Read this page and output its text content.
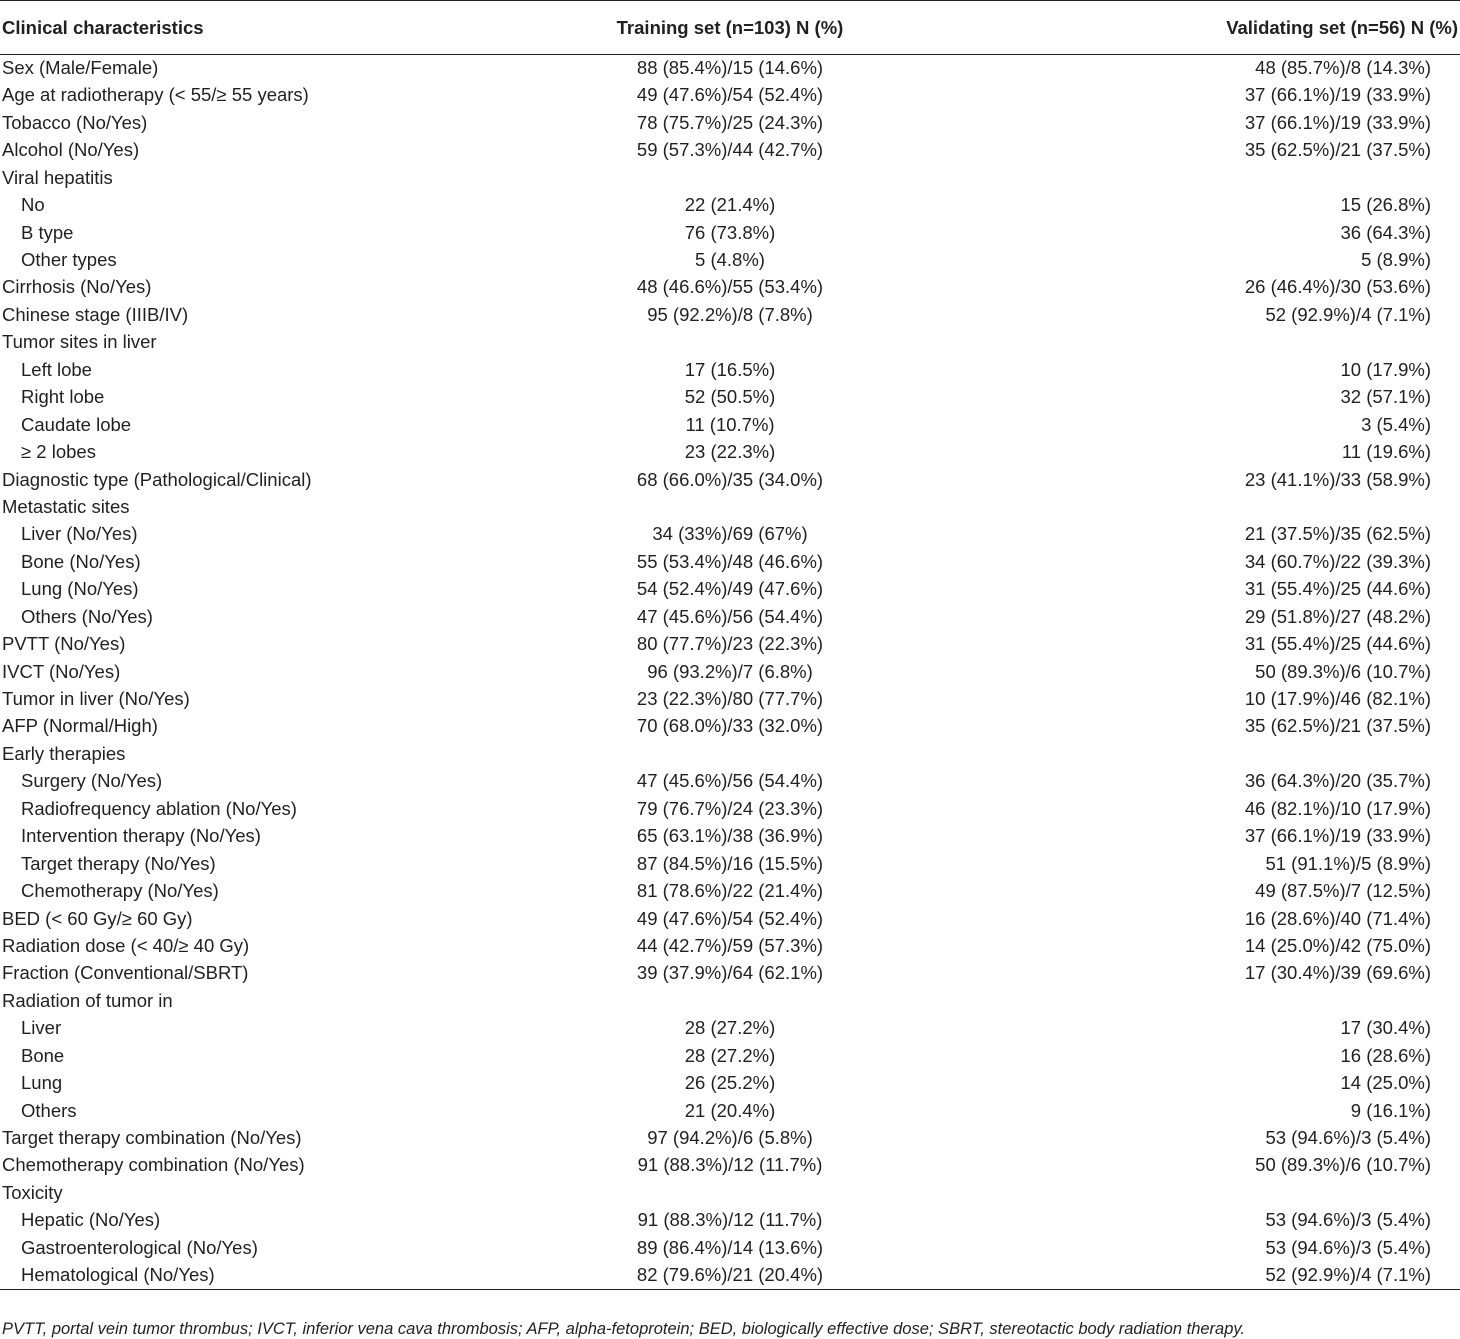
Clinical characteristics	Training set (n=103) N (%)	Validating set (n=56) N (%)
Sex (Male/Female)	88 (85.4%)/15 (14.6%)	48 (85.7%)/8 (14.3%)
Age at radiotherapy (< 55/≥ 55 years)	49 (47.6%)/54 (52.4%)	37 (66.1%)/19 (33.9%)
Tobacco (No/Yes)	78 (75.7%)/25 (24.3%)	37 (66.1%)/19 (33.9%)
Alcohol (No/Yes)	59 (57.3%)/44 (42.7%)	35 (62.5%)/21 (37.5%)
Viral hepatitis		
No	22 (21.4%)	15 (26.8%)
B type	76 (73.8%)	36 (64.3%)
Other types	5 (4.8%)	5 (8.9%)
Cirrhosis (No/Yes)	48 (46.6%)/55 (53.4%)	26 (46.4%)/30 (53.6%)
Chinese stage (IIIB/IV)	95 (92.2%)/8 (7.8%)	52 (92.9%)/4 (7.1%)
Tumor sites in liver		
Left lobe	17 (16.5%)	10 (17.9%)
Right lobe	52 (50.5%)	32 (57.1%)
Caudate lobe	11 (10.7%)	3 (5.4%)
≥ 2 lobes	23 (22.3%)	11 (19.6%)
Diagnostic type (Pathological/Clinical)	68 (66.0%)/35 (34.0%)	23 (41.1%)/33 (58.9%)
Metastatic sites		
Liver (No/Yes)	34 (33%)/69 (67%)	21 (37.5%)/35 (62.5%)
Bone (No/Yes)	55 (53.4%)/48 (46.6%)	34 (60.7%)/22 (39.3%)
Lung (No/Yes)	54 (52.4%)/49 (47.6%)	31 (55.4%)/25 (44.6%)
Others (No/Yes)	47 (45.6%)/56 (54.4%)	29 (51.8%)/27 (48.2%)
PVTT (No/Yes)	80 (77.7%)/23 (22.3%)	31 (55.4%)/25 (44.6%)
IVCT (No/Yes)	96 (93.2%)/7 (6.8%)	50 (89.3%)/6 (10.7%)
Tumor in liver (No/Yes)	23 (22.3%)/80 (77.7%)	10 (17.9%)/46 (82.1%)
AFP (Normal/High)	70 (68.0%)/33 (32.0%)	35 (62.5%)/21 (37.5%)
Early therapies		
Surgery (No/Yes)	47 (45.6%)/56 (54.4%)	36 (64.3%)/20 (35.7%)
Radiofrequency ablation (No/Yes)	79 (76.7%)/24 (23.3%)	46 (82.1%)/10 (17.9%)
Intervention therapy (No/Yes)	65 (63.1%)/38 (36.9%)	37 (66.1%)/19 (33.9%)
Target therapy (No/Yes)	87 (84.5%)/16 (15.5%)	51 (91.1%)/5 (8.9%)
Chemotherapy (No/Yes)	81 (78.6%)/22 (21.4%)	49 (87.5%)/7 (12.5%)
BED (< 60 Gy/≥ 60 Gy)	49 (47.6%)/54 (52.4%)	16 (28.6%)/40 (71.4%)
Radiation dose (< 40/≥ 40 Gy)	44 (42.7%)/59 (57.3%)	14 (25.0%)/42 (75.0%)
Fraction (Conventional/SBRT)	39 (37.9%)/64 (62.1%)	17 (30.4%)/39 (69.6%)
Radiation of tumor in		
Liver	28 (27.2%)	17 (30.4%)
Bone	28 (27.2%)	16 (28.6%)
Lung	26 (25.2%)	14 (25.0%)
Others	21 (20.4%)	9 (16.1%)
Target therapy combination (No/Yes)	97 (94.2%)/6 (5.8%)	53 (94.6%)/3 (5.4%)
Chemotherapy combination (No/Yes)	91 (88.3%)/12 (11.7%)	50 (89.3%)/6 (10.7%)
Toxicity		
Hepatic (No/Yes)	91 (88.3%)/12 (11.7%)	53 (94.6%)/3 (5.4%)
Gastroenterological (No/Yes)	89 (86.4%)/14 (13.6%)	53 (94.6%)/3 (5.4%)
Hematological (No/Yes)	82 (79.6%)/21 (20.4%)	52 (92.9%)/4 (7.1%)
PVTT, portal vein tumor thrombus; IVCT, inferior vena cava thrombosis; AFP, alpha-fetoprotein; BED, biologically effective dose; SBRT, stereotactic body radiation therapy.
